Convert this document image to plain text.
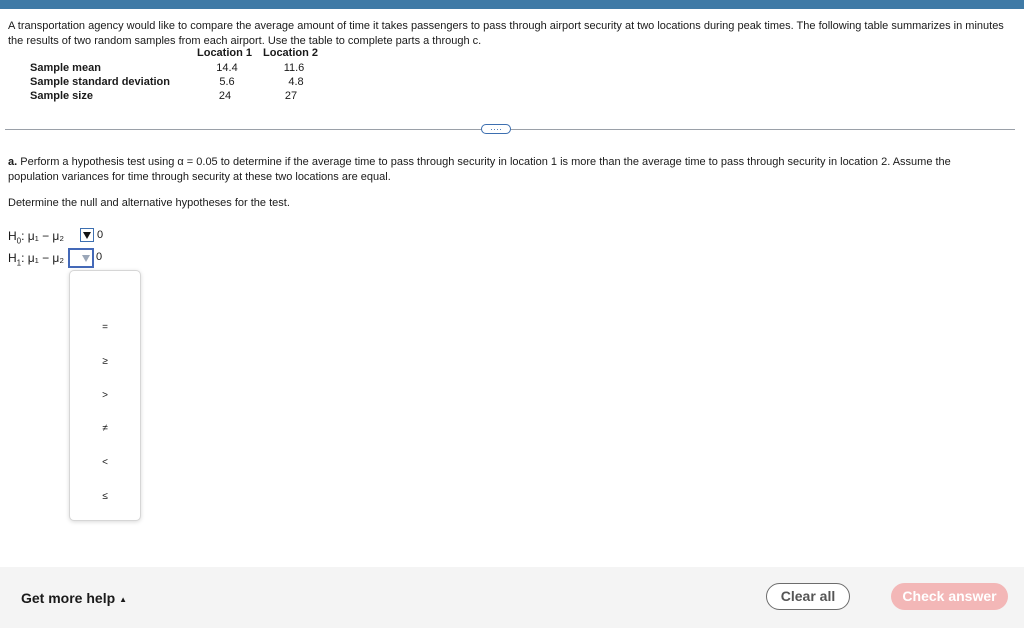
A transportation agency would like to compare the average amount of time it takes passengers to pass through airport security at two locations during peak times. The following table summarizes in minutes the results of two random samples from each airport. Use the table to complete parts a through c.
Location 1 Location 2
Sample mean	14.4	11.6
Sample standard deviation	5.6	4.8
Sample size	24	27
····
a. Perform a hypothesis test using α = 0.05 to determine if the average time to pass through security in location 1 is more than the average time to pass through security in location 2. Assume the population variances for time through security at these two locations are equal.
Determine the null and alternative hypotheses for the test.
$H_0$: μ₁ − μ₂	0
$H_1$: μ₁ − μ₂	0
=
≥
>
≠
<
≤
Get more help ▲	Clear all	Check answer
